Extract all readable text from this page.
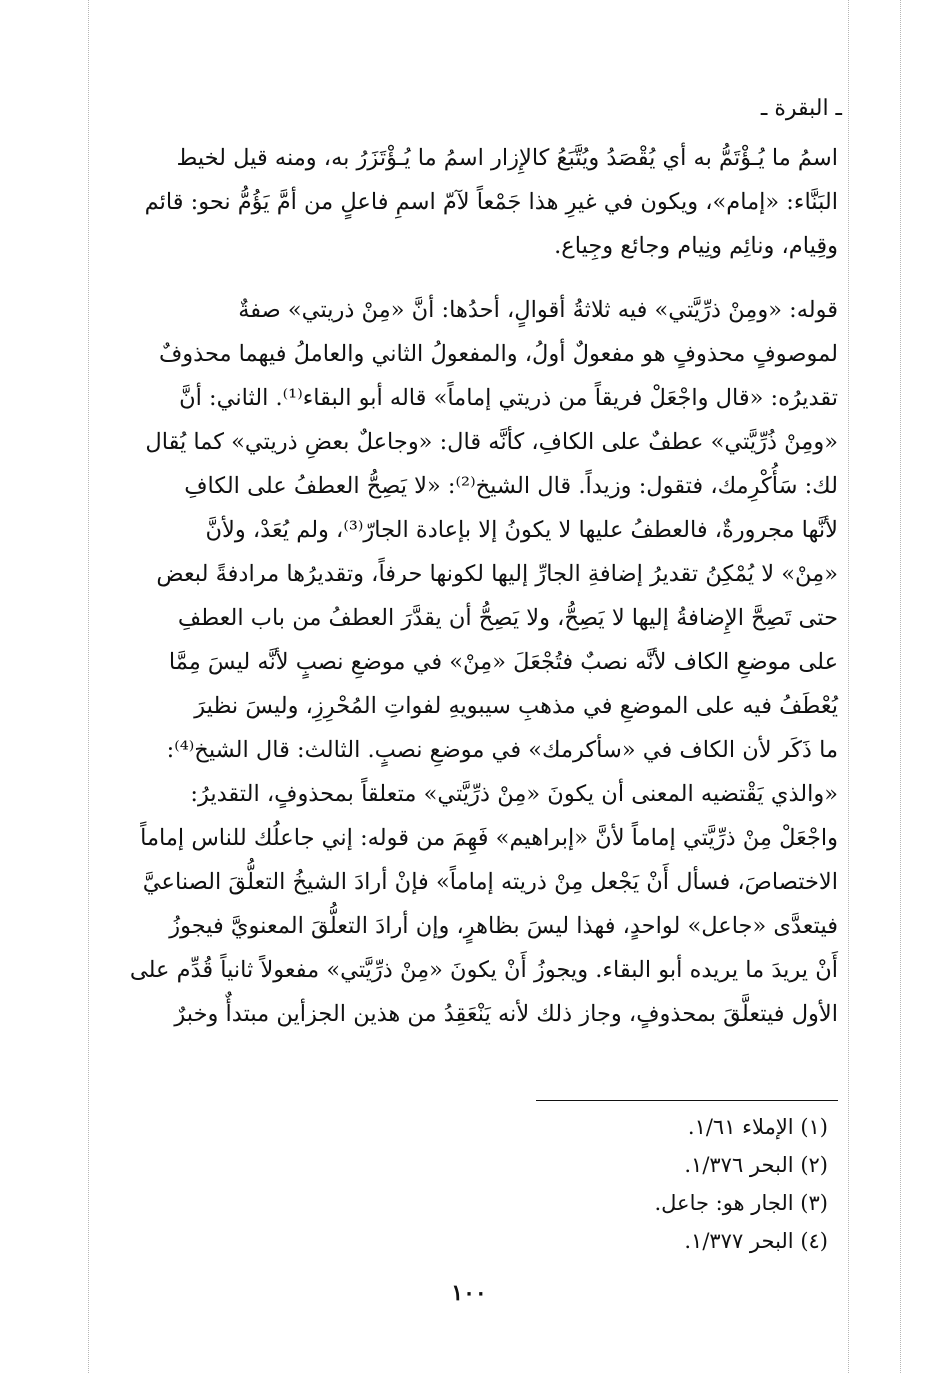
ـ البقرة ـ

اسمُ ما يُـؤْتَمُّ به أي يُقْصَدُ ويُتَّبَعُ كالإِزار اسمُ ما يُـؤْتَزَرُ به، ومنه قيل لخيط

البَنَّاء: «إمام»، ويكون في غيرِ هذا جَمْعاً لآمّ اسمِ فاعلٍ من أمَّ يَؤُمُّ نحو: قائم

وقِيام، ونائِم ونِيام وجائع وجِياع.

قوله: «ومِنْ ذرِّيَّتي» فيه ثلاثةُ أقوالٍ، أحدُها: أنَّ «مِنْ ذريتي» صفةٌ

لموصوفٍ محذوفٍ هو مفعولٌ أولُ، والمفعولُ الثاني والعاملُ فيهما محذوفٌ

تقديرُه: «قال واجْعَلْ فريقاً من ذريتي إماماً» قاله أبو البقاء⁽¹⁾. الثاني: أنَّ

«ومِنْ ذُرِّيَّتي» عطفٌ على الكافِ، كأنَّه قال: «وجاعلٌ بعضِ ذريتي» كما يُقال

لك: سَأُكْرِمك، فتقول: وزيداً. قال الشيخ⁽²⁾: «لا يَصِحُّ العطفُ على الكافِ

لأنَّها مجرورةٌ، فالعطفُ عليها لا يكونُ إلا بإعادة الجارّ⁽³⁾، ولم يُعَدْ، ولأنَّ

«مِنْ» لا يُمْكِنُ تقديرُ إضافةِ الجارِّ إليها لكونها حرفاً، وتقديرُها مرادفةً لبعض

حتى تَصِحَّ الإِضافةُ إليها لا يَصِحُّ، ولا يَصِحُّ أن يقدَّرَ العطفُ من باب العطفِ

على موضعِ الكاف لأنَّه نصبٌ فتُجْعَلَ «مِنْ» في موضعِ نصبٍ لأنَّه ليسَ مِمَّا

يُعْطَفُ فيه على الموضعِ في مذهبِ سيبويهِ لفواتِ المُحْرِزِ، وليسَ نظيرَ

ما ذَكَر لأن الكاف في «سأكرمك» في موضعِ نصبٍ. الثالث: قال الشيخ⁽⁴⁾:

«والذي يَقْتضيه المعنى أن يكونَ «مِنْ ذرِّيَّتي» متعلقاً بمحذوفٍ، التقديرُ:

واجْعَلْ مِنْ ذرِّيَّتي إماماً لأنَّ «إبراهيم» فَهِمَ من قوله: إني جاعلُك للناس إماماً

الاختصاصَ، فسأل أَنْ يَجْعل مِنْ ذريته إماماً» فإنْ أرادَ الشيخُ التعلُّقَ الصناعيَّ

فيتعدَّى «جاعل» لواحدٍ، فهذا ليسَ بظاهرٍ، وإن أرادَ التعلُّقَ المعنويَّ فيجوزُ

أَنْ يريدَ ما يريده أبو البقاء. ويجوزُ أَنْ يكونَ «مِنْ ذرِّيَّتي» مفعولاً ثانياً قُدِّم على

الأول فيتعلَّقَ بمحذوفٍ، وجاز ذلك لأنه يَنْعَقِدُ من هذين الجزأين مبتدأٌ وخبرٌ

(١) الإملاء ١/٦١.
(٢) البحر ١/٣٧٦.
(٣) الجار هو: جاعل.
(٤) البحر ١/٣٧٧.
١٠٠
